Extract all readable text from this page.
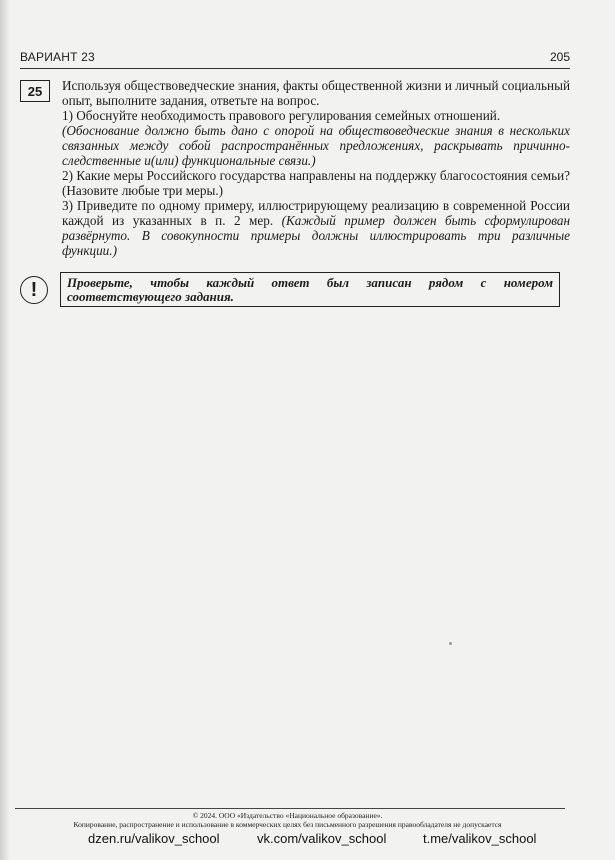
ВАРИАНТ 23	205
25	Используя обществоведческие знания, факты общественной жизни и личный социальный опыт, выполните задания, ответьте на вопрос.

1) Обоснуйте необходимость правового регулирования семейных отношений.

(Обоснование должно быть дано с опорой на обществоведческие знания в нескольких связанных между собой распространённых предложениях, раскрывать причинно-следственные и(или) функциональные связи.)

2) Какие меры Российского государства направлены на поддержку благосостояния семьи? (Назовите любые три меры.)

3) Приведите по одному примеру, иллюстрирующему реализацию в современной России каждой из указанных в п. 2 мер. (Каждый пример должен быть сформулирован развёрнуто. В совокупности примеры должны иллюстрировать три различные функции.)

!	Проверьте, чтобы каждый ответ был записан рядом с номером соответствующего задания.
© 2024. ООО «Издательство «Национальное образование».
Копирование, распространение и использование в коммерческих целях без письменного разрешения правообладателя не допускается
dzen.ru/valikov_school	vk.com/valikov_school	t.me/valikov_school
